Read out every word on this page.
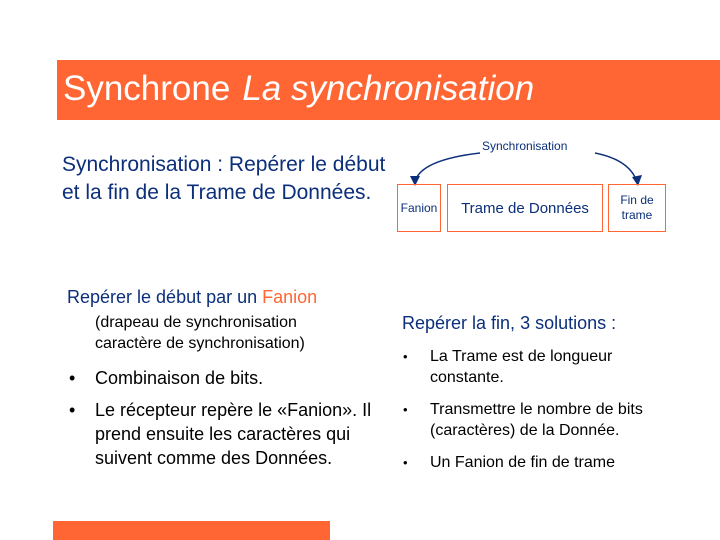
Synchrone La synchronisation
Synchronisation : Repérer le début et la fin de la Trame de Données.
Synchronisation
Fanion	Trame de Données	Fin de trame
Repérer le début par un Fanion
(drapeau de synchronisation
caractère de synchronisation)
• Combinaison de bits.
• Le récepteur repère le «Fanion». Il prend ensuite les caractères qui suivent comme des Données.
Repérer la fin, 3 solutions :
• La Trame est de longueur constante.
• Transmettre le nombre de bits (caractères) de la Donnée.
• Un Fanion de fin de trame
